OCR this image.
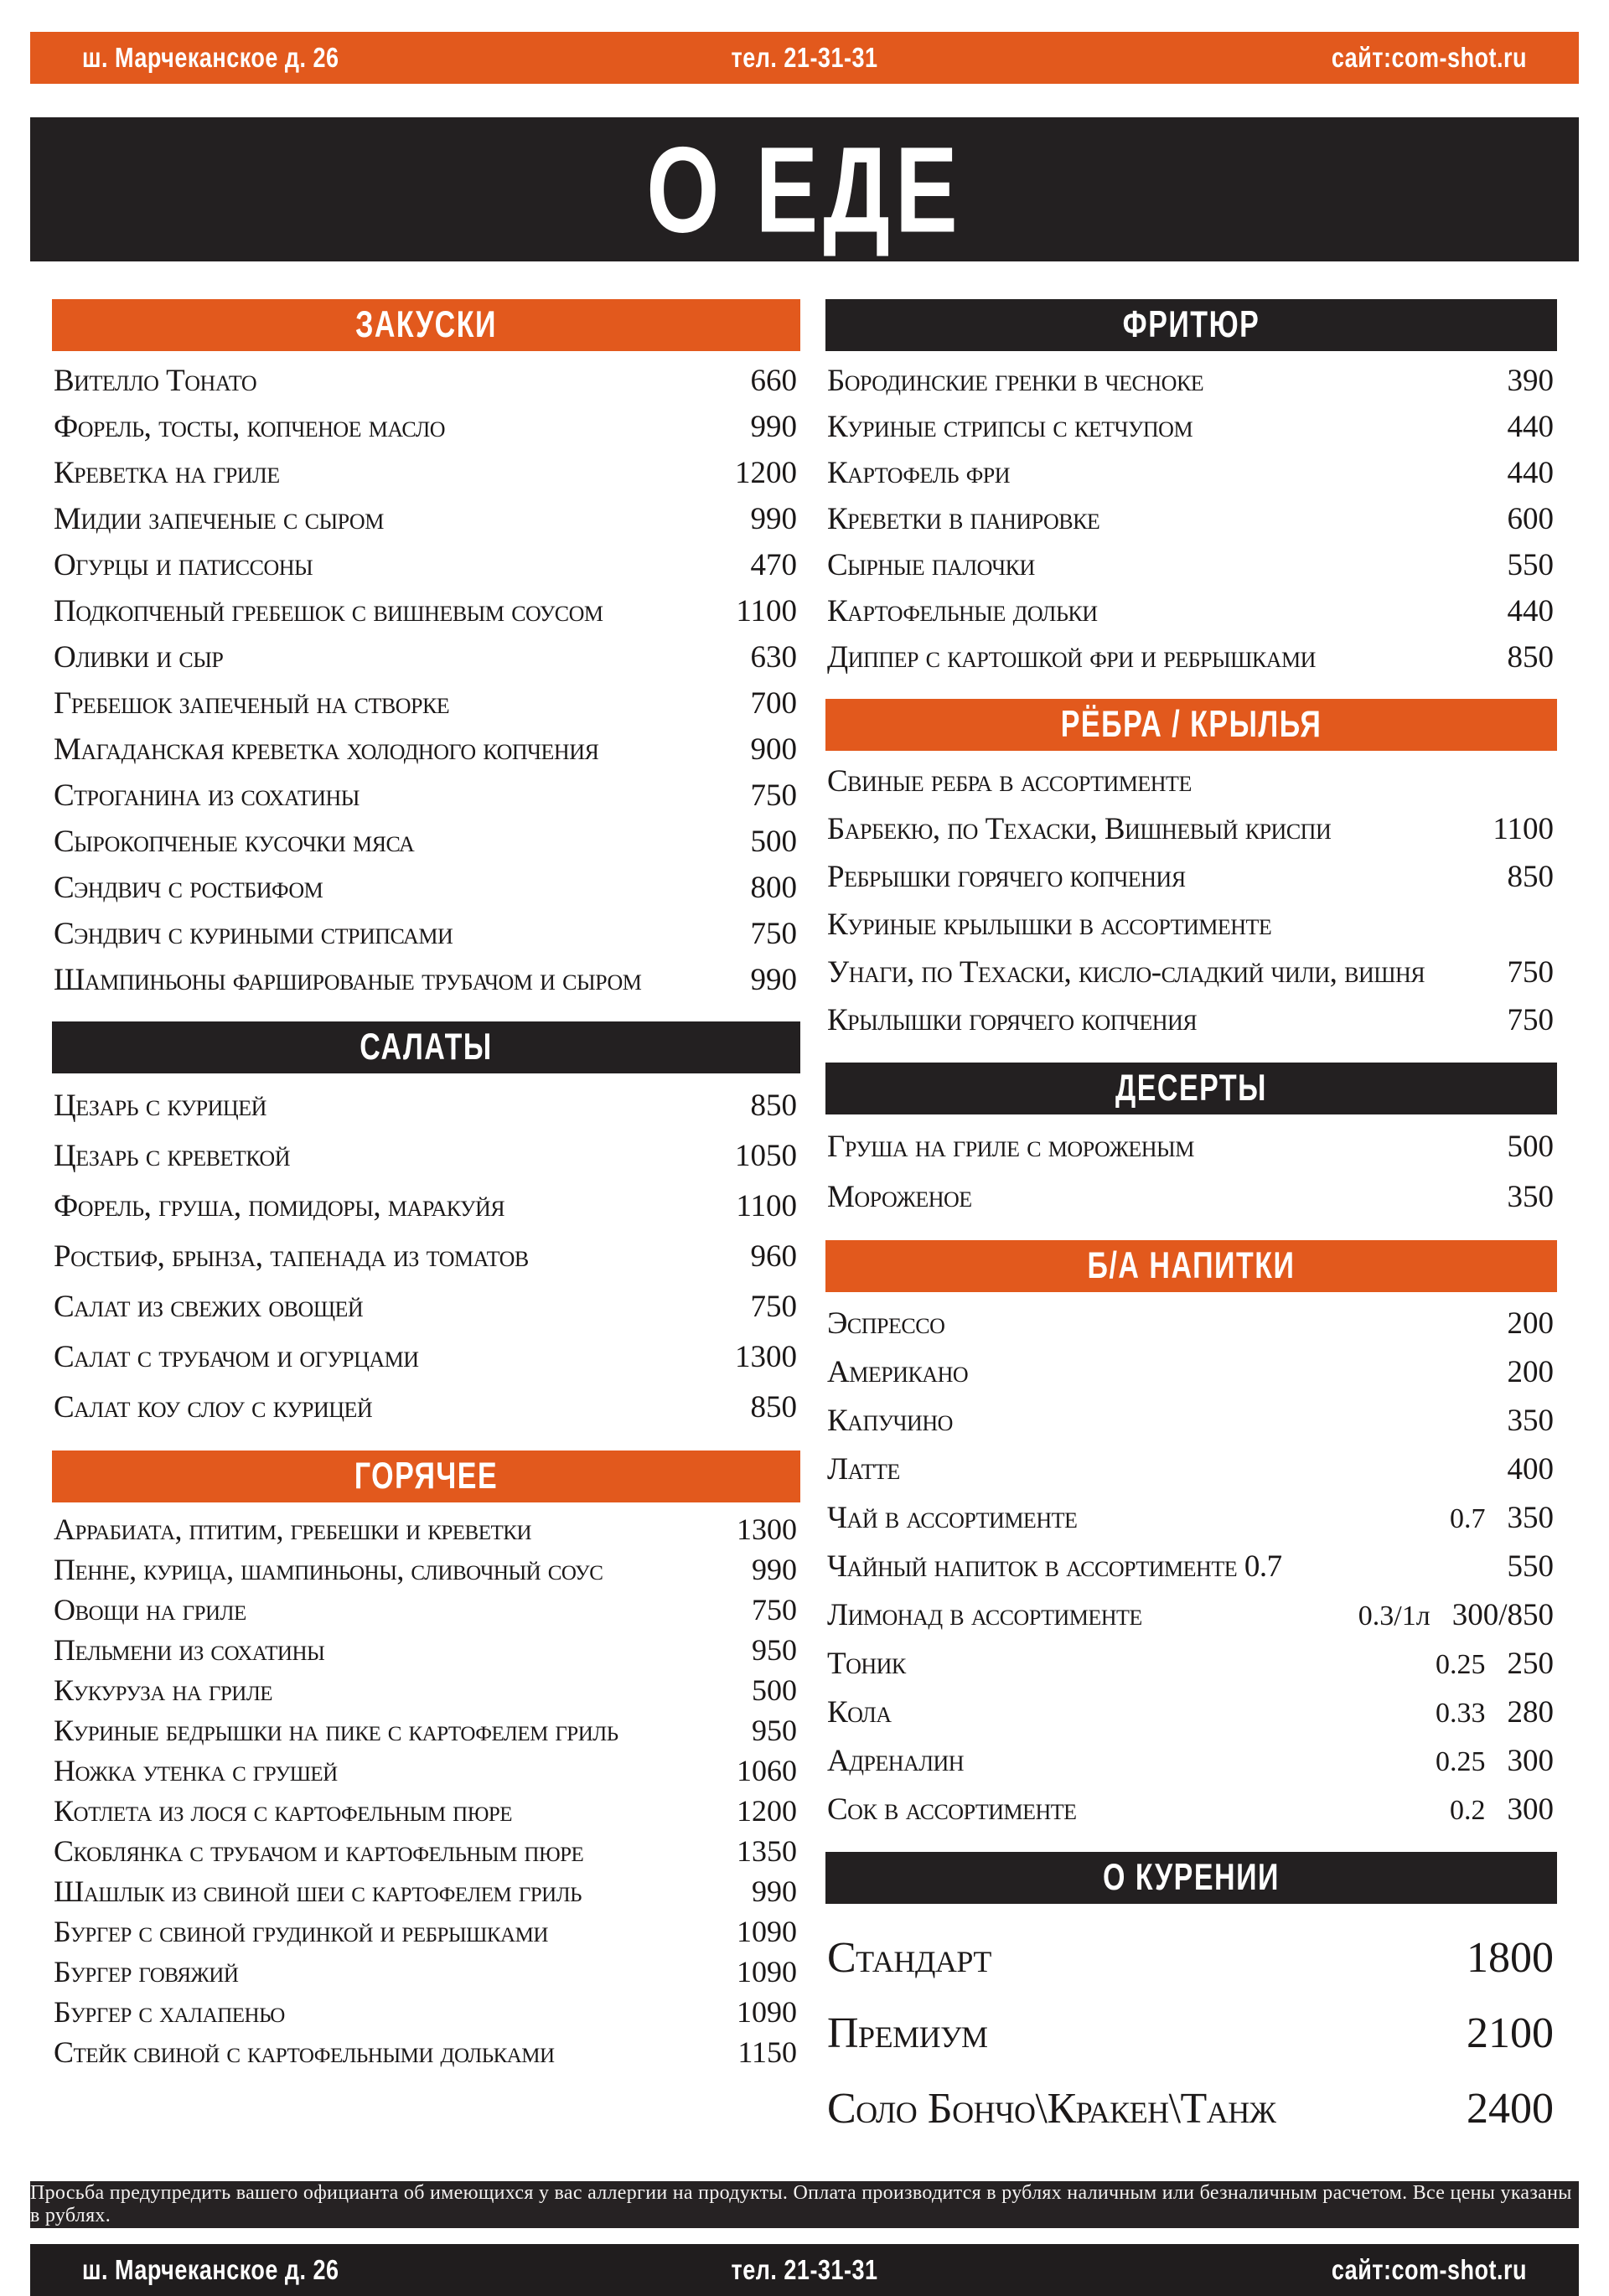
ш. Марчеканское д. 26	тел. 21-31-31	сайт:com-shot.ru
О ЕДЕ
ЗАКУСКИ
Вителло Тонато	660
Форель, тосты, копченое масло	990
Креветка на гриле	1200
Мидии запеченые с сыром	990
Огурцы и патиссоны	470
Подкопченый гребешок с вишневым соусом	1100
Оливки и сыр	630
Гребешок запеченый на створке	700
Магаданская креветка холодного копчения	900
Строганина из сохатины	750
Сырокопченые кусочки мяса	500
Сэндвич с ростбифом	800
Сэндвич с куриными стрипсами	750
Шампиньоны фаршированые трубачом и сыром	990
САЛАТЫ
Цезарь с курицей	850
Цезарь с креветкой	1050
Форель, груша, помидоры, маракуйя	1100
Ростбиф, брынза, тапенада из томатов	960
Салат из свежих овощей	750
Салат с трубачом и огурцами	1300
Салат коу слоу с курицей	850
ГОРЯЧЕЕ
Аррабиата, птитим, гребешки и креветки	1300
Пенне, курица, шампиньоны, сливочный соус	990
Овощи на гриле	750
Пельмени из сохатины	950
Кукуруза на гриле	500
Куриные бедрышки на пике с картофелем гриль	950
Ножка утенка с грушей	1060
Котлета из лося с картофельным пюре	1200
Скоблянка с трубачом и картофельным пюре	1350
Шашлык из свиной шеи с картофелем гриль	990
Бургер с свиной грудинкой и ребрышками	1090
Бургер говяжий	1090
Бургер с халапеньо	1090
Стейк свиной с картофельными дольками	1150
ФРИТЮР
Бородинские гренки в чесноке	390
Куриные стрипсы с кетчупом	440
Картофель фри	440
Креветки в панировке	600
Сырные палочки	550
Картофельные дольки	440
Диппер с картошкой фри и ребрышками	850
РЁБРА / КРЫЛЬЯ
Свиные ребра в ассортименте
Барбекю, по Техаски, Вишневый криспи	1100
Ребрышки горячего копчения	850
Куриные крылышки в ассортименте
Унаги, по Техаски, кисло-сладкий чили, вишня	750
Крылышки горячего копчения	750
ДЕСЕРТЫ
Груша на гриле с мороженым	500
Мороженое	350
Б/А НАПИТКИ
Эспрессо	200
Американо	200
Капучино	350
Латте	400
Чай в ассортименте	0.7 350
Чайный напиток в ассортименте 0.7	550
Лимонад в ассортименте	0.3/1л 300/850
Тоник	0.25 250
Кола	0.33 280
Адреналин	0.25 300
Сок в ассортименте	0.2 300
О КУРЕНИИ
Стандарт	1800
Премиум	2100
Соло Бончо\Кракен\Танж	2400
Просьба предупредить вашего официанта об имеющихся у вас аллергии на продукты. Оплата производится в рублях наличным или безналичным расчетом. Все цены указаны в рублях.
ш. Марчеканское д. 26	тел. 21-31-31	сайт:com-shot.ru
